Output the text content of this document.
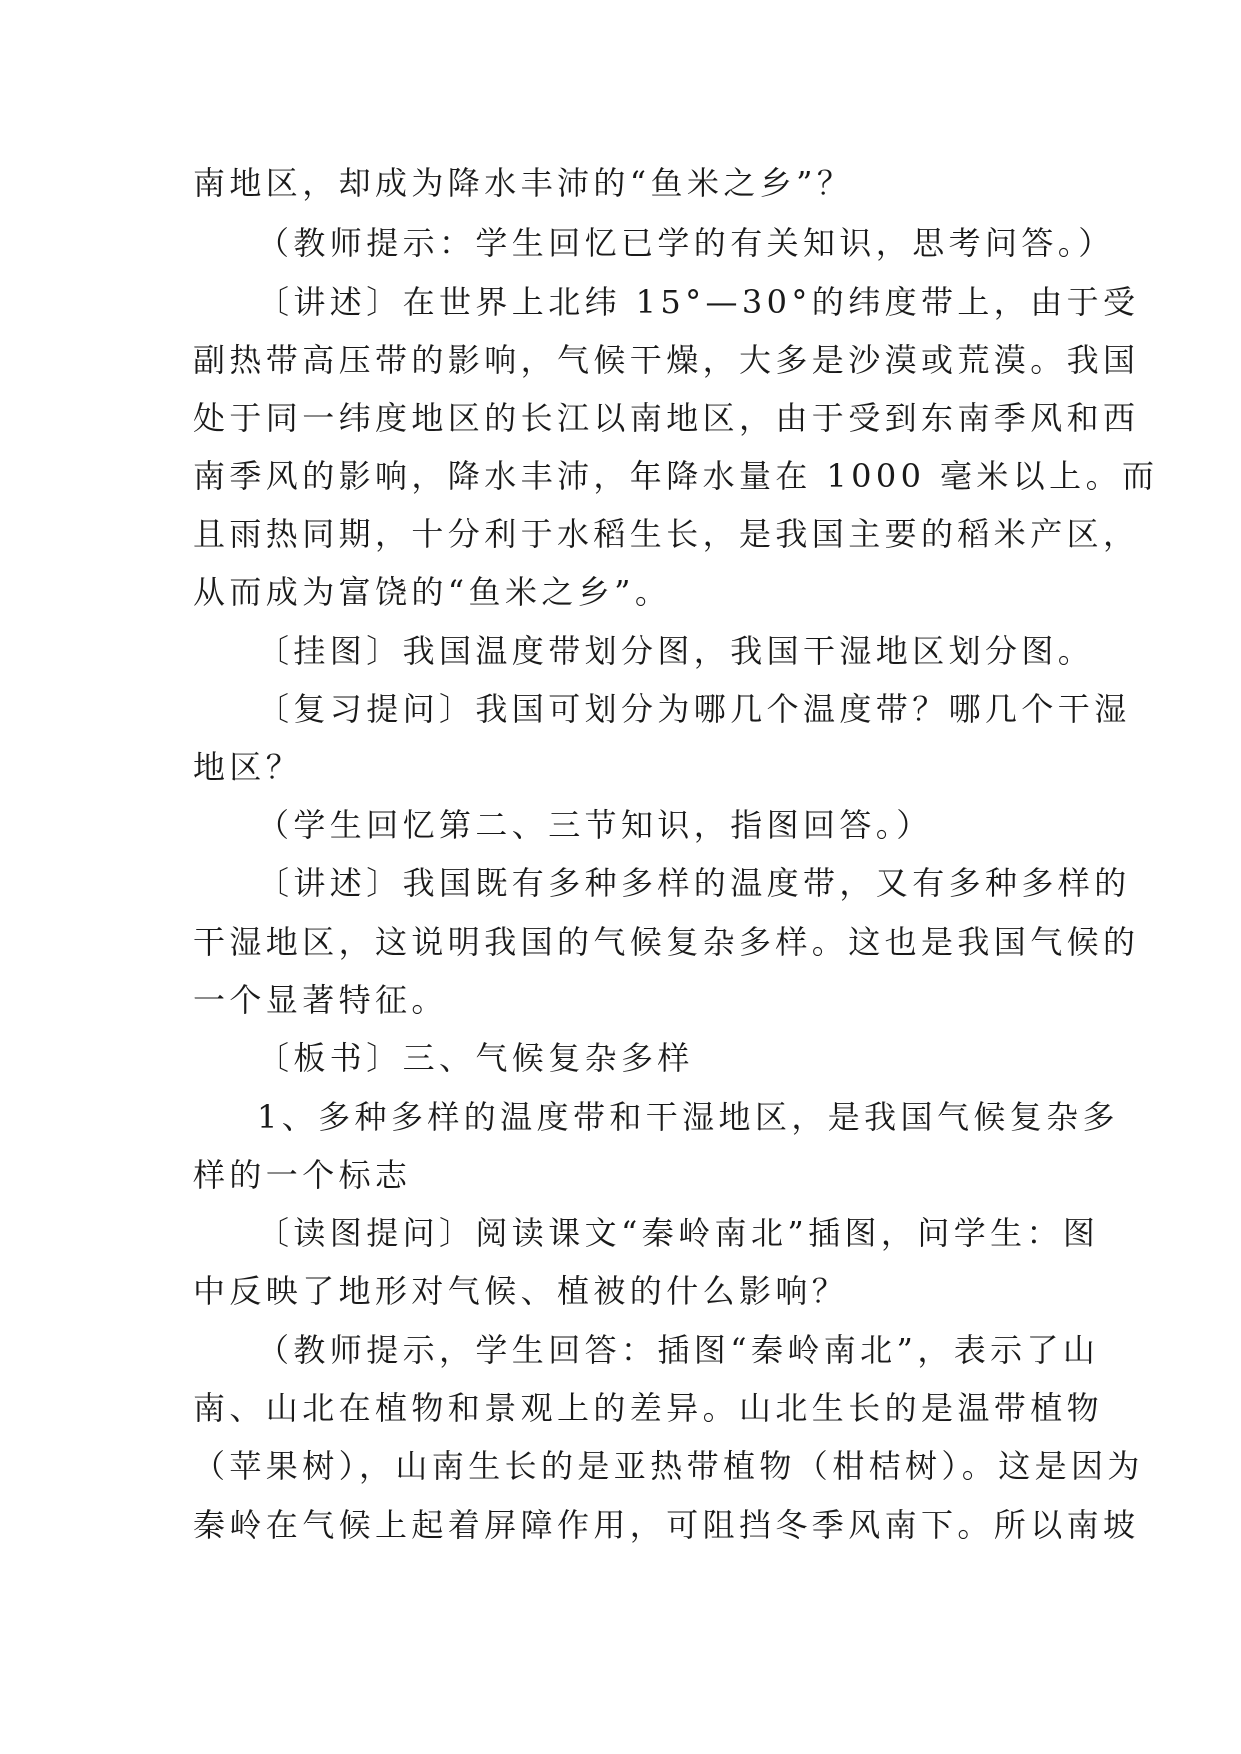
南地区，却成为降水丰沛的“鱼米之乡”？
（教师提示：学生回忆已学的有关知识，思考问答。）
〔讲述〕在世界上北纬 15°—30°的纬度带上，由于受
副热带高压带的影响，气候干燥，大多是沙漠或荒漠。我国
处于同一纬度地区的长江以南地区，由于受到东南季风和西
南季风的影响，降水丰沛，年降水量在 1000 毫米以上。而
且雨热同期，十分利于水稻生长，是我国主要的稻米产区，
从而成为富饶的“鱼米之乡”。
〔挂图〕我国温度带划分图，我国干湿地区划分图。
〔复习提问〕我国可划分为哪几个温度带？哪几个干湿
地区？
（学生回忆第二、三节知识，指图回答。）
〔讲述〕我国既有多种多样的温度带，又有多种多样的
干湿地区，这说明我国的气候复杂多样。这也是我国气候的
一个显著特征。
〔板书〕三、气候复杂多样
1、多种多样的温度带和干湿地区，是我国气候复杂多
样的一个标志
〔读图提问〕阅读课文“秦岭南北”插图，问学生：图
中反映了地形对气候、植被的什么影响？
（教师提示，学生回答：插图“秦岭南北”，表示了山
南、山北在植物和景观上的差异。山北生长的是温带植物
（苹果树），山南生长的是亚热带植物（柑桔树）。这是因为
秦岭在气候上起着屏障作用，可阻挡冬季风南下。所以南坡
